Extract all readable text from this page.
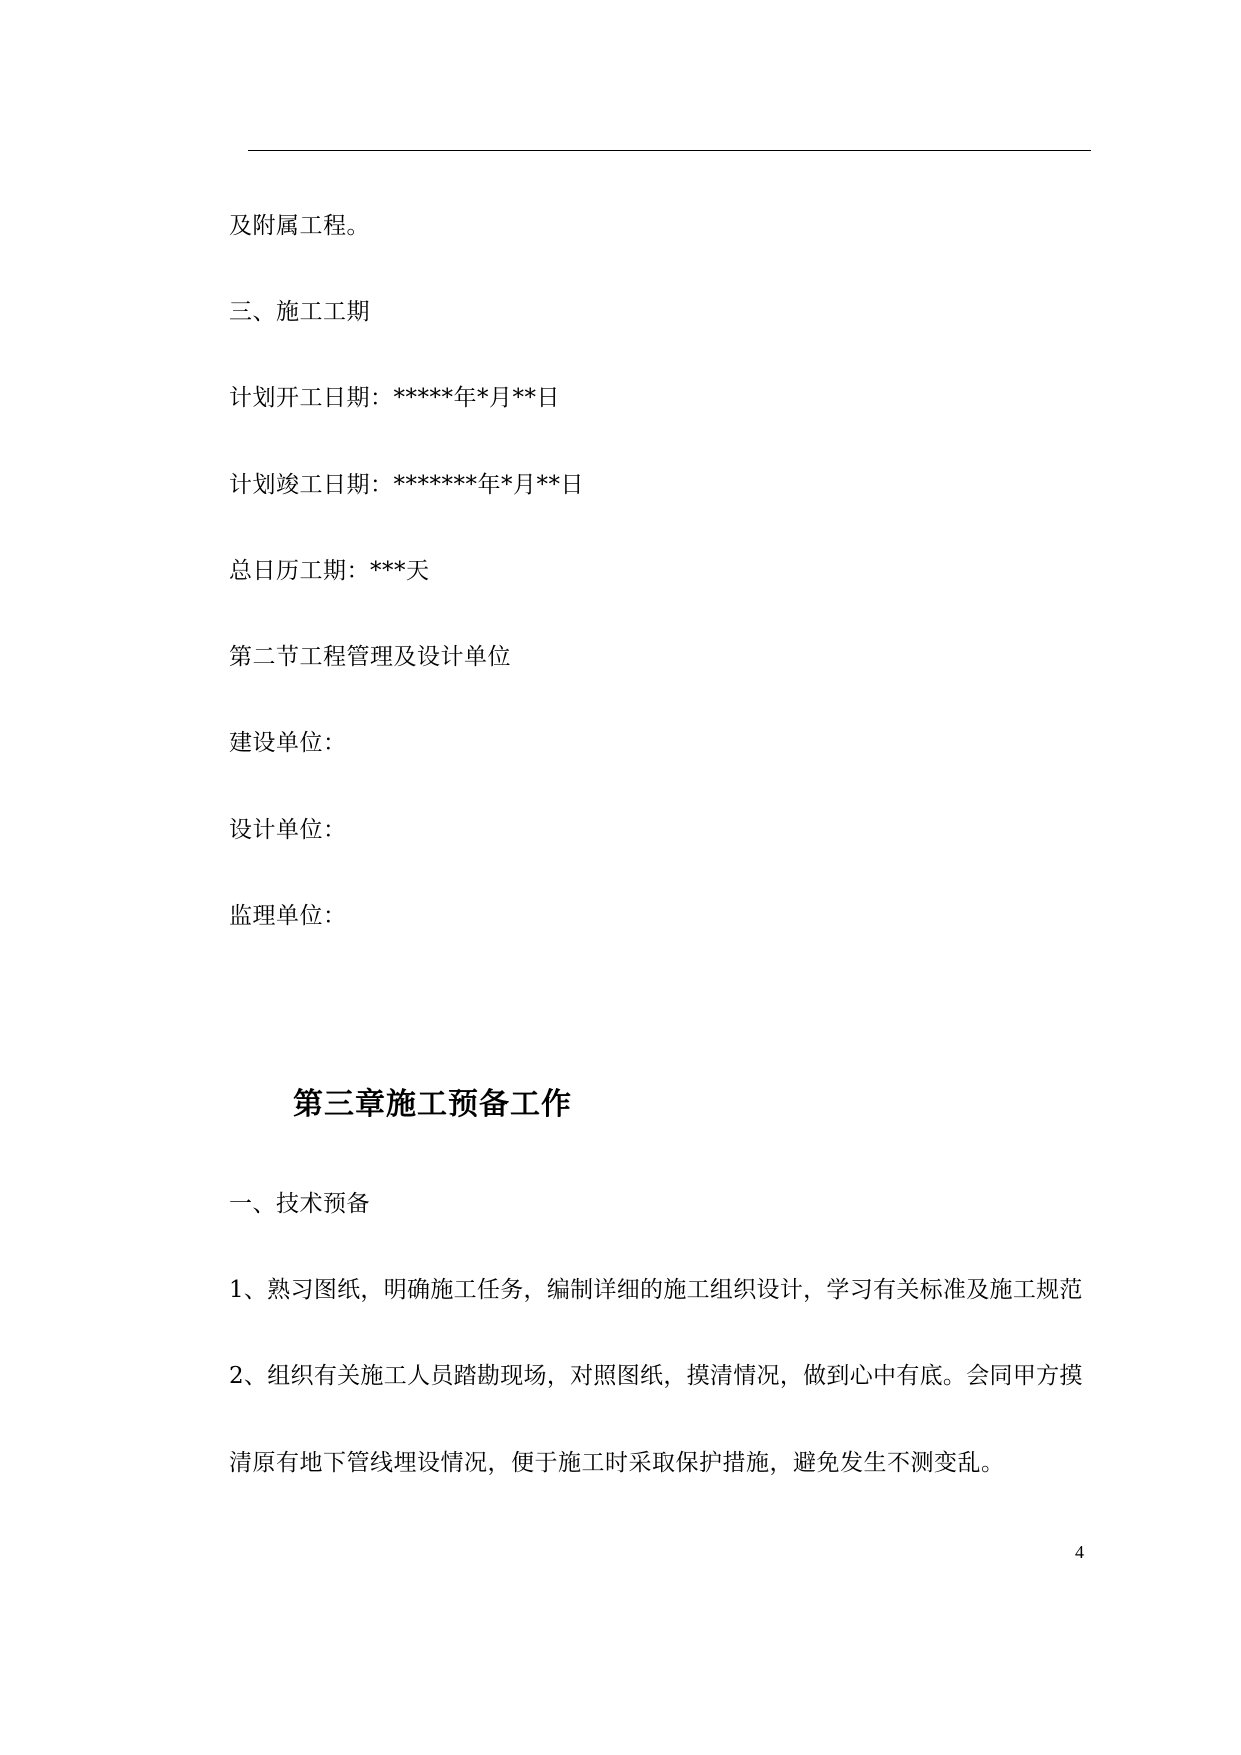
及附属工程。
三、施工工期
计划开工日期：*****年*月**日
计划竣工日期：*******年*月**日
总日历工期：***天
第二节工程管理及设计单位
建设单位：
设计单位：
监理单位：
第三章施工预备工作
一、技术预备
1、熟习图纸，明确施工任务，编制详细的施工组织设计，学习有关标准及施工规范
2、组织有关施工人员踏勘现场，对照图纸，摸清情况，做到心中有底。会同甲方摸
清原有地下管线埋设情况，便于施工时采取保护措施，避免发生不测变乱。
4
